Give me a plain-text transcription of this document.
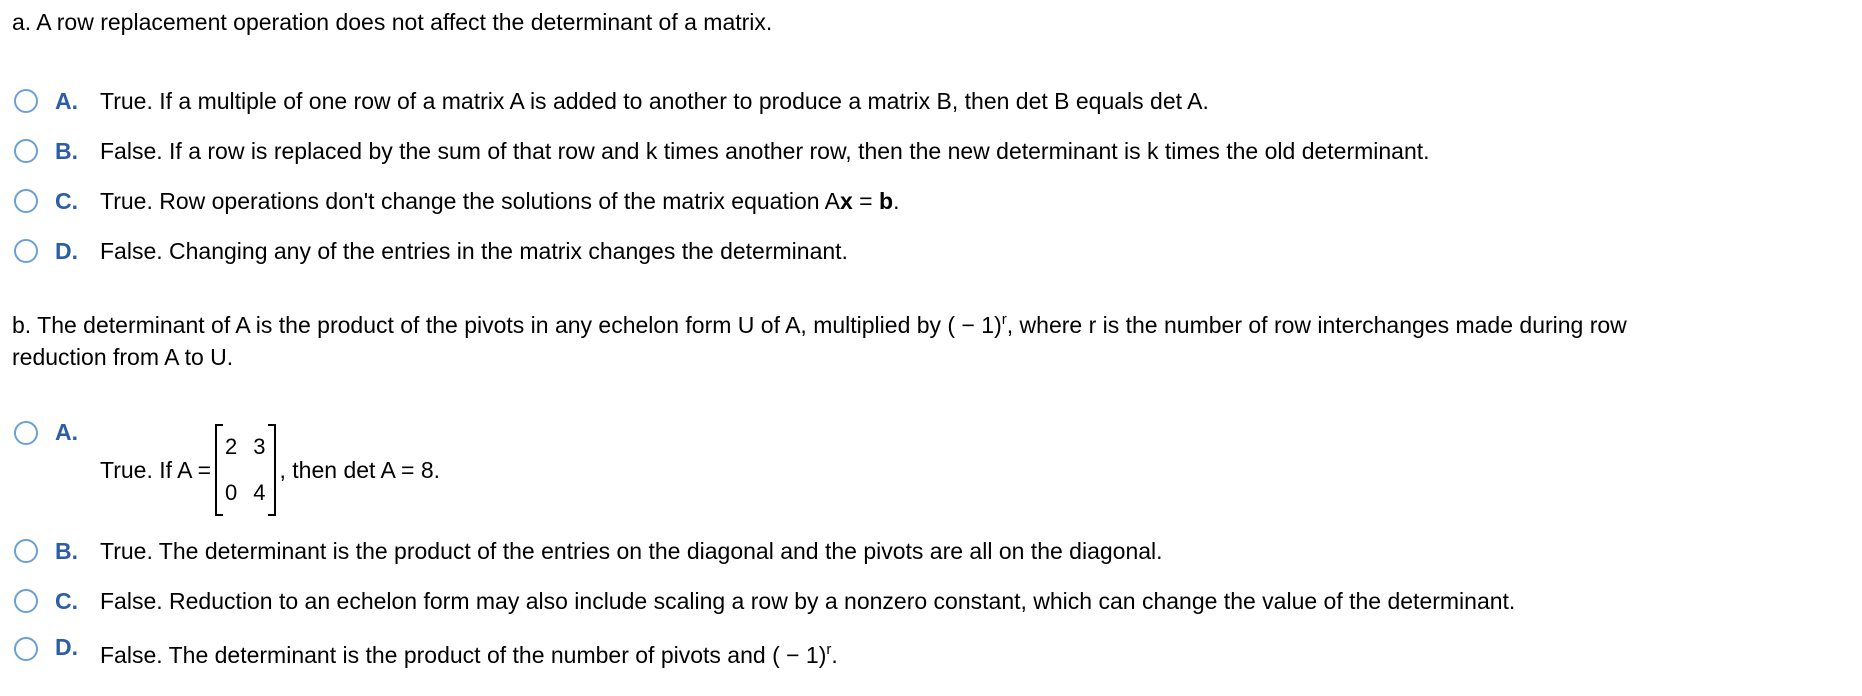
a. A row replacement operation does not affect the determinant of a matrix.
A. True. If a multiple of one row of a matrix A is added to another to produce a matrix B, then det B equals det A.
B. False. If a row is replaced by the sum of that row and k times another row, then the new determinant is k times the old determinant.
C. True. Row operations don't change the solutions of the matrix equation Ax = b.
D. False. Changing any of the entries in the matrix changes the determinant.
b. The determinant of A is the product of the pivots in any echelon form U of A, multiplied by ( − 1)$^r$, where r is the number of row interchanges made during row
reduction from A to U.
A.
True. If A =
2 3
0 4
, then det A = 8.
B. True. The determinant is the product of the entries on the diagonal and the pivots are all on the diagonal.
C. False. Reduction to an echelon form may also include scaling a row by a nonzero constant, which can change the value of the determinant.
D. False. The determinant is the product of the number of pivots and ( − 1)$^r$.
